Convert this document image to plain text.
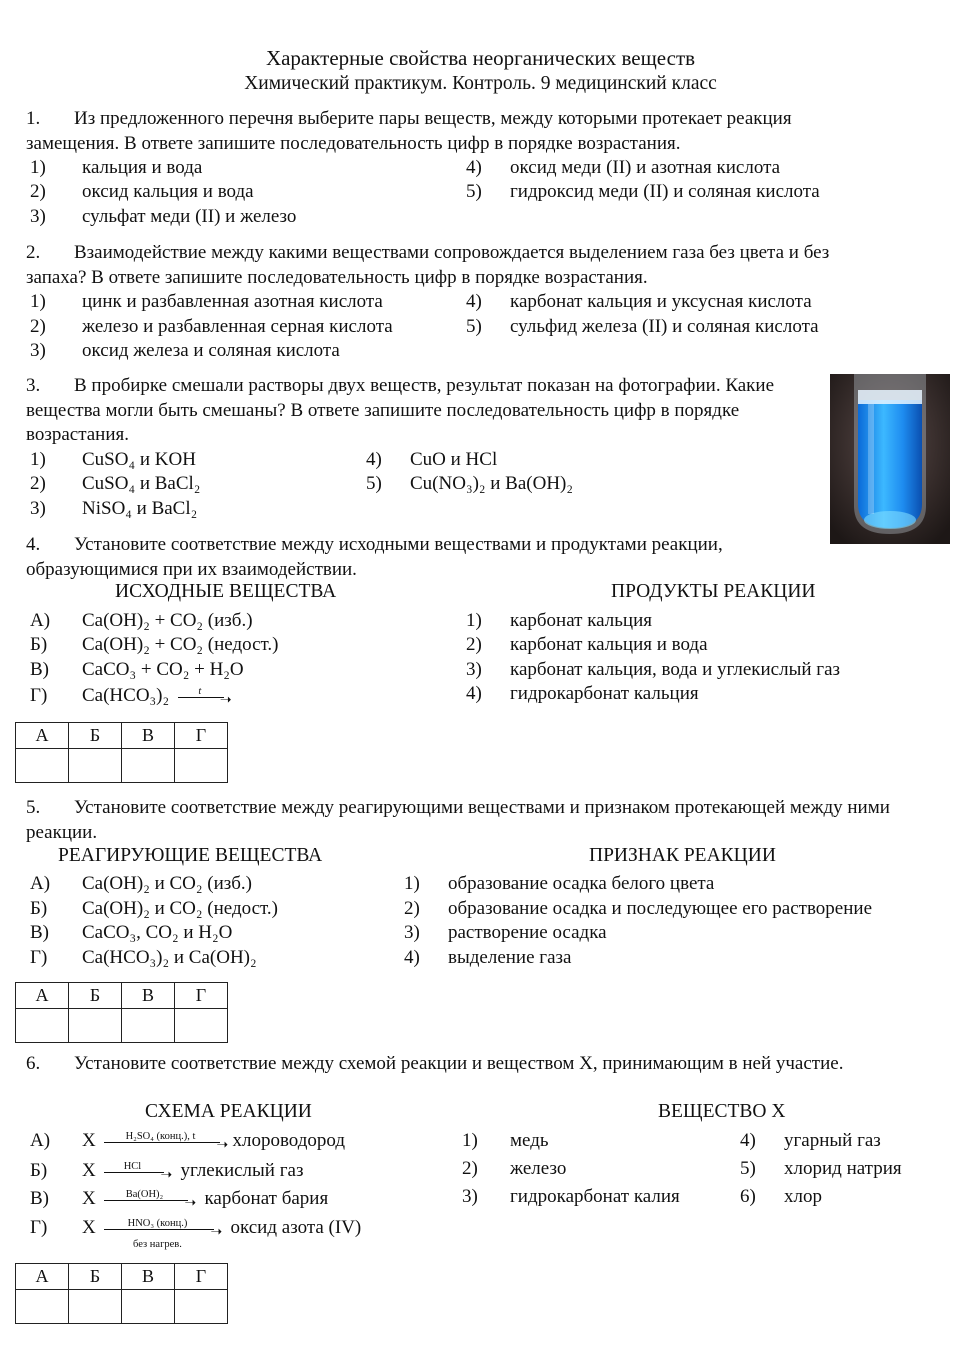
Характерные свойства неорганических веществ
Химический практикум. Контроль. 9 медицинский класс
1. Из предложенного перечня выберите пары веществ, между которыми протекает реакция замещения. В ответе запишите последовательность цифр в порядке возрастания.
1) кальция и вода
2) оксид кальция и вода
3) сульфат меди (II) и железо
4) оксид меди (II) и азотная кислота
5) гидроксид меди (II) и соляная кислота
2. Взаимодействие между какими веществами сопровождается выделением газа без цвета и без запаха? В ответе запишите последовательность цифр в порядке возрастания.
1) цинк и разбавленная азотная кислота
2) железо и разбавленная серная кислота
3) оксид железа и соляная кислота
4) карбонат кальция и уксусная кислота
5) сульфид железа (II) и соляная кислота
3. В пробирке смешали растворы двух веществ, результат показан на фотографии. Какие вещества могли быть смешаны? В ответе запишите последовательность цифр в порядке возрастания.
1) CuSO₄ и KOH
2) CuSO₄ и BaCl₂
3) NiSO₄ и BaCl₂
4) CuO и HCl
5) Cu(NO₃)₂ и Ba(OH)₂
4. Установите соответствие между исходными веществами и продуктами реакции, образующимися при их взаимодействии.
ИСХОДНЫЕ ВЕЩЕСТВА	ПРОДУКТЫ РЕАКЦИИ
А) Ca(OH)₂ + CO₂ (изб.)
Б) Ca(OH)₂ + CO₂ (недост.)
В) CaCO₃ + CO₂ + H₂O
Г) Ca(HCO₃)₂	t
➝
1) карбонат кальция
2) карбонат кальция и вода
3) карбонат кальция, вода и углекислый газ
4) гидрокарбонат кальция
А	Б	В	Г

5. Установите соответствие между реагирующими веществами и признаком протекающей между ними реакции.
РЕАГИРУЮЩИЕ ВЕЩЕСТВА	ПРИЗНАК РЕАКЦИИ
А) Ca(OH)₂ и CO₂ (изб.)
Б) Ca(OH)₂ и CO₂ (недост.)
В) CaCO₃, CO₂ и H₂O
Г) Ca(HCO₃)₂ и Ca(OH)₂
1) образование осадка белого цвета
2) образование осадка и последующее его растворение
3) растворение осадка
4) выделение газа
А	Б	В	Г

6. Установите соответствие между схемой реакции и веществом X, принимающим в ней участие.
СХЕМА РЕАКЦИИ	ВЕЩЕСТВО X
А) X	H₂SO₄ (конц.), t
➝ хлороводород
Б) X	HCl
➝ углекислый газ
В) X	Ba(OH)₂
➝ карбонат бария
Г) X	HNO₃ (конц.)
➝
без нагрев.
оксид азота (IV)
1) медь
2) железо
3) гидрокарбонат калия
4) угарный газ
5) хлорид натрия
6) хлор
А	Б	В	Г
